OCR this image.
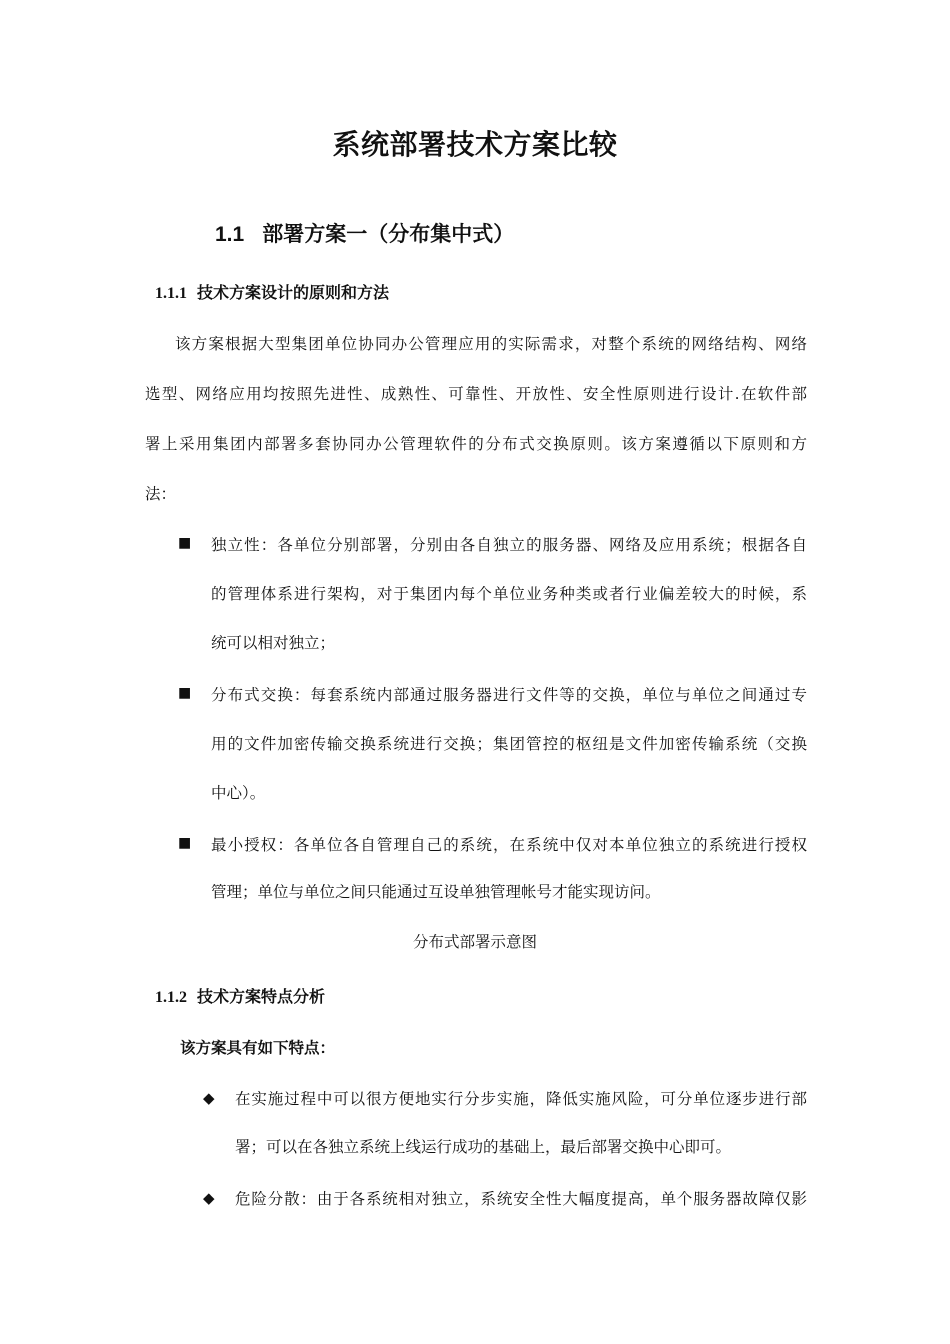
系统部署技术方案比较
1.1 部署方案一（分布集中式）
1.1.1 技术方案设计的原则和方法
该方案根据大型集团单位协同办公管理应用的实际需求，对整个系统的网络结构、网络
选型、网络应用均按照先进性、成熟性、可靠性、开放性、安全性原则进行设计.在软件部
署上采用集团内部署多套协同办公管理软件的分布式交换原则。该方案遵循以下原则和方
法：
■ 独立性：各单位分别部署，分别由各自独立的服务器、网络及应用系统；根据各自
的管理体系进行架构，对于集团内每个单位业务种类或者行业偏差较大的时候，系
统可以相对独立；
■ 分布式交换：每套系统内部通过服务器进行文件等的交换，单位与单位之间通过专
用的文件加密传输交换系统进行交换；集团管控的枢纽是文件加密传输系统（交换
中心）。
■ 最小授权：各单位各自管理自己的系统，在系统中仅对本单位独立的系统进行授权
管理；单位与单位之间只能通过互设单独管理帐号才能实现访问。
分布式部署示意图
1.1.2 技术方案特点分析
该方案具有如下特点：
◆ 在实施过程中可以很方便地实行分步实施，降低实施风险，可分单位逐步进行部
署；可以在各独立系统上线运行成功的基础上，最后部署交换中心即可。
◆ 危险分散：由于各系统相对独立，系统安全性大幅度提高，单个服务器故障仅影
